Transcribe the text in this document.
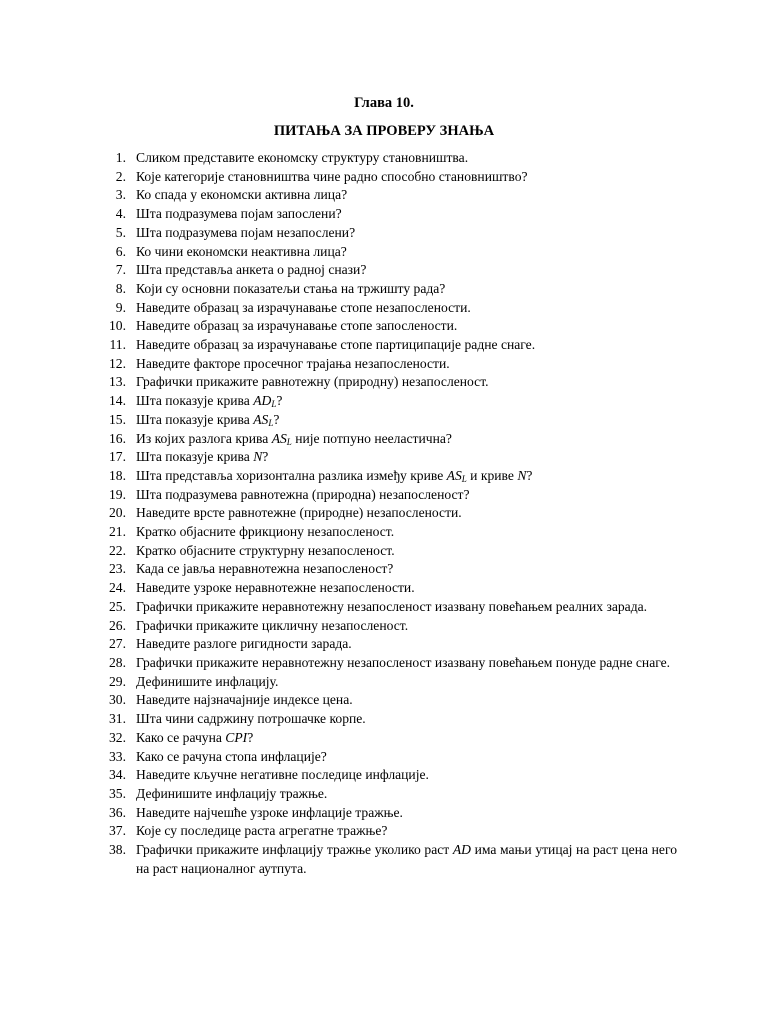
Глава 10.
ПИТАЊА ЗА ПРОВЕРУ ЗНАЊА
1. Сликом представите економску структуру становништва.
2. Које категорије становништва чине радно способно становништво?
3. Ко спада у економски активна лица?
4. Шта подразумева појам запослени?
5. Шта подразумева појам незапослени?
6. Ко чини економски неактивна лица?
7. Шта представља анкета о радној снази?
8. Који су основни показатељи стања на тржишту рада?
9. Наведите образац за израчунавање стопе незапослености.
10. Наведите образац за израчунавање стопе запослености.
11. Наведите образац за израчунавање стопе партиципације радне снаге.
12. Наведите факторе просечног трајања незапослености.
13. Графички прикажите равнотежну (природну) незапосленост.
14. Шта показује крива $AD_L$?
15. Шта показује крива $AS_L$?
16. Из којих разлога крива $AS_L$ није потпуно нееластична?
17. Шта показује крива N?
18. Шта представља хоризонтална разлика између криве $AS_L$ и криве N?
19. Шта подразумева равнотежна (природна) незапосленост?
20. Наведите врсте равнотежне (природне) незапослености.
21. Кратко објасните фрикциону незапосленост.
22. Кратко објасните структурну незапосленост.
23. Када се јавља неравнотежна незапосленост?
24. Наведите узроке неравнотежне незапослености.
25. Графички прикажите неравнотежну незапосленост изазвану повећањем реалних зарада.
26. Графички прикажите цикличну незапосленост.
27. Наведите разлоге ригидности зарада.
28. Графички прикажите неравнотежну незапосленост изазвану повећањем понуде радне снаге.
29. Дефинишите инфлацију.
30. Наведите најзначајније индексе цена.
31. Шта чини садржину потрошачке корпе.
32. Како се рачуна CPI?
33. Како се рачуна стопа инфлације?
34. Наведите кључне негативне последице инфлације.
35. Дефинишите инфлацију тражње.
36. Наведите најчешће узроке инфлације тражње.
37. Које су последице раста агрегатне тражње?
38. Графички прикажите инфлацију тражње уколико раст AD има мањи утицај на раст цена него на раст националног аутпута.
